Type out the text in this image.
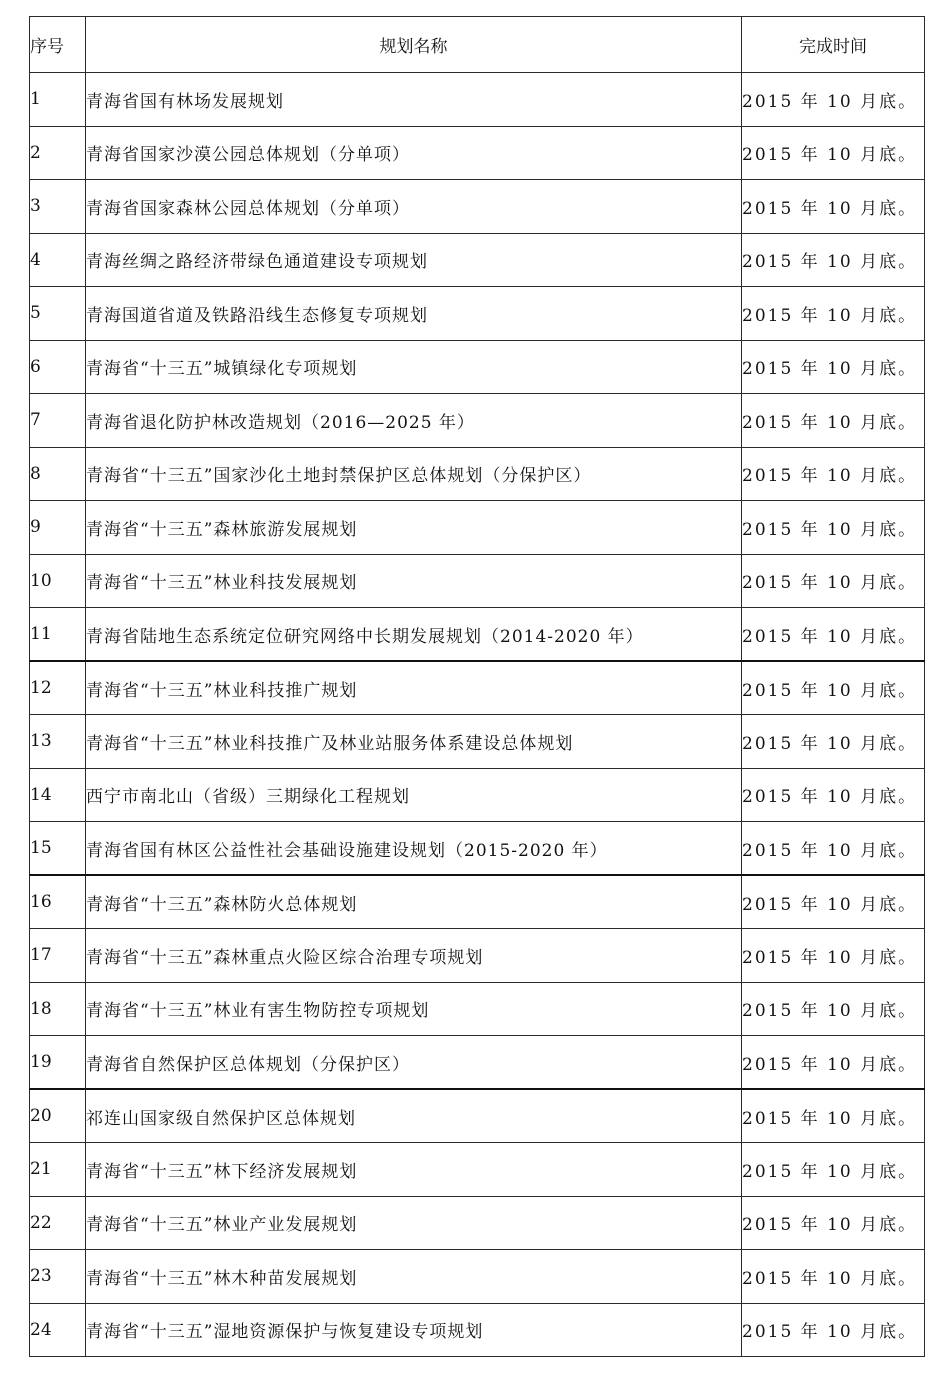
序号	规划名称	完成时间
1	青海省国有林场发展规划	2015 年 10 月底。
2	青海省国家沙漠公园总体规划（分单项）	2015 年 10 月底。
3	青海省国家森林公园总体规划（分单项）	2015 年 10 月底。
4	青海丝绸之路经济带绿色通道建设专项规划	2015 年 10 月底。
5	青海国道省道及铁路沿线生态修复专项规划	2015 年 10 月底。
6	青海省“十三五”城镇绿化专项规划	2015 年 10 月底。
7	青海省退化防护林改造规划（2016—2025 年）	2015 年 10 月底。
8	青海省“十三五”国家沙化土地封禁保护区总体规划（分保护区）	2015 年 10 月底。
9	青海省“十三五”森林旅游发展规划	2015 年 10 月底。
10	青海省“十三五”林业科技发展规划	2015 年 10 月底。
11	青海省陆地生态系统定位研究网络中长期发展规划（2014-2020 年）	2015 年 10 月底。
12	青海省“十三五”林业科技推广规划	2015 年 10 月底。
13	青海省“十三五”林业科技推广及林业站服务体系建设总体规划	2015 年 10 月底。
14	西宁市南北山（省级）三期绿化工程规划	2015 年 10 月底。
15	青海省国有林区公益性社会基础设施建设规划（2015-2020 年）	2015 年 10 月底。
16	青海省“十三五”森林防火总体规划	2015 年 10 月底。
17	青海省“十三五”森林重点火险区综合治理专项规划	2015 年 10 月底。
18	青海省“十三五”林业有害生物防控专项规划	2015 年 10 月底。
19	青海省自然保护区总体规划（分保护区）	2015 年 10 月底。
20	祁连山国家级自然保护区总体规划	2015 年 10 月底。
21	青海省“十三五”林下经济发展规划	2015 年 10 月底。
22	青海省“十三五”林业产业发展规划	2015 年 10 月底。
23	青海省“十三五”林木种苗发展规划	2015 年 10 月底。
24	青海省“十三五”湿地资源保护与恢复建设专项规划	2015 年 10 月底。
